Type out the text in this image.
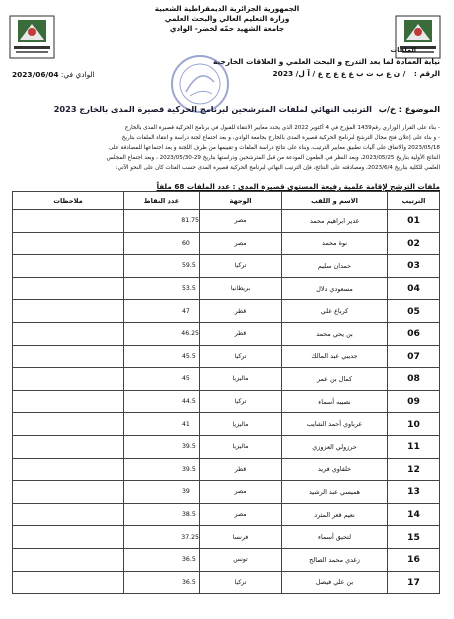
الجمهورية الجزائرية الديمقراطية الشعبية
وزارة التعليم العالي والبحث العلمي
جامعة الشهيد حمّه لخضر- الوادي
الملفات
نيابة العمادة لما بعد التدرج و البحث العلمي و العلاقات الخارجية
الرقم : / ن ع ب ت ب ع ع ع ج ع / آ ل/ 2023
الوادي في: 2023/06/04
الموضوع : خ/ب الترتيب النهائي لملفات المترشحين لبرنامج الحركية قصيرة المدى بالخارج 2023
- بناء على القرار الوزاري رقم1439 المؤرخ في 4 أكتوبر 2022 الذي يحدد معايير الانتقاء للقبول في برنامج الحركية قصيرة المدى بالخارج
- و بناء على إعلان فتح مجال الترشح لبرنامج الحركية قصيرة المدى بالخارج بجامعة الوادي، و بعد اجتماع لجنة دراسة و انتقاء الملفات بتاريخ
2023/05/18 والاتفاق على آليات تطبيق معايير الترتيب، وبناء على نتائج دراسة الملفات و تقييمها من طرف اللجنة و بعد اجتماعها للمصادقة على
النتائج الأولية بتاريخ 2023/05/25، وبعد النظر في الطعون المودعة من قبل المترشحين ودراستها بتاريخ 29-2023/05/30 ، وبعد اجتماع المجلس
العلمي للكلية بتاريخ 2023/6/4، ومصادقته على النتائج، فإن الترتيب النهائي لبرنامج الحركية قصيرة المدى حسب الفئات كان على النحو الآتي:
ملفات الترشح لإقامة علمية رفيعة المستوى قصيرة المدى : عدد الملفات 68 ملفاً
الترتيب	الاسم و اللقب	الوجهة	عدد النقاط	ملاحظات
01	غدير ابراهيم محمد	مصر	81.75	
02	نوة محمد	مصر	60	
03	حمدان سليم	تركيا	59.5	
04	مسعودي دلال	بريطانيا	53.5	
05	كرباع علي	قطر	47	
06	بن يحي محمد	قطر	46.25	
07	جديبي عبد المالك	تركيا	45.5	
08	كمال بن عمر	ماليزيا	45	
09	نصيبه أسماء	تركيا	44.5	
10	عرباوي أحمد الشايب	ماليزيا	41	
11	حرزولي العزوزي	ماليزيا	39.5	
12	خلفاوي فريد	قطر	39.5	
13	هميسي عبد الرشيد	مصر	39	
14	نعيم قعر المثرد	مصر	38.5	
15	لتحيق أسماء	فرنسا	37.25	
16	زغدي محمد الصالح	تونس	36.5	
17	بن علي فيصل	تركيا	36.5	
